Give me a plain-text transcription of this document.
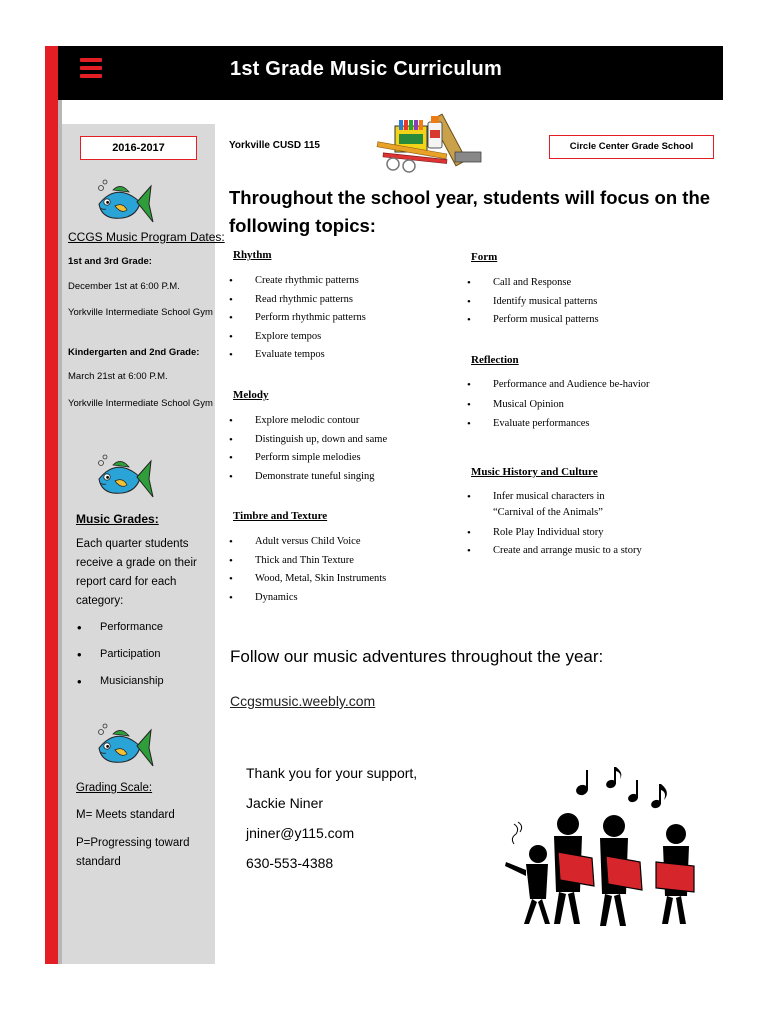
1st Grade Music Curriculum
2016-2017
CCGS Music Program Dates:
1st and 3rd Grade:
December 1st at 6:00 P.M.
Yorkville Intermediate School Gym
Kindergarten and 2nd Grade:
March 21st at 6:00 P.M.
Yorkville Intermediate School Gym
Music Grades:
Each quarter students receive a grade on their report card for each category:
• Performance
• Participation
• Musicianship
Grading Scale:
M= Meets standard
P=Progressing toward standard
Yorkville CUSD 115	Circle Center Grade School
Throughout the school year, students will focus on the following topics:
Rhythm
• Create rhythmic patterns
• Read rhythmic patterns
• Perform rhythmic patterns
• Explore tempos
• Evaluate tempos
Melody
• Explore melodic contour
• Distinguish up, down and same
• Perform simple melodies
• Demonstrate tuneful singing
Timbre and Texture
• Adult versus Child Voice
• Thick and Thin Texture
• Wood, Metal, Skin Instruments
• Dynamics
Form
• Call and Response
• Identify musical patterns
• Perform musical patterns
Reflection
• Performance and Audience be-havior
• Musical Opinion
• Evaluate performances
Music History and Culture
• Infer musical characters in “Carnival of the Animals”
• Role Play Individual story
• Create and arrange music to a story
Follow our music adventures throughout the year:
Ccgsmusic.weebly.com
Thank you for your support,
Jackie Niner
jniner@y115.com
630-553-4388
